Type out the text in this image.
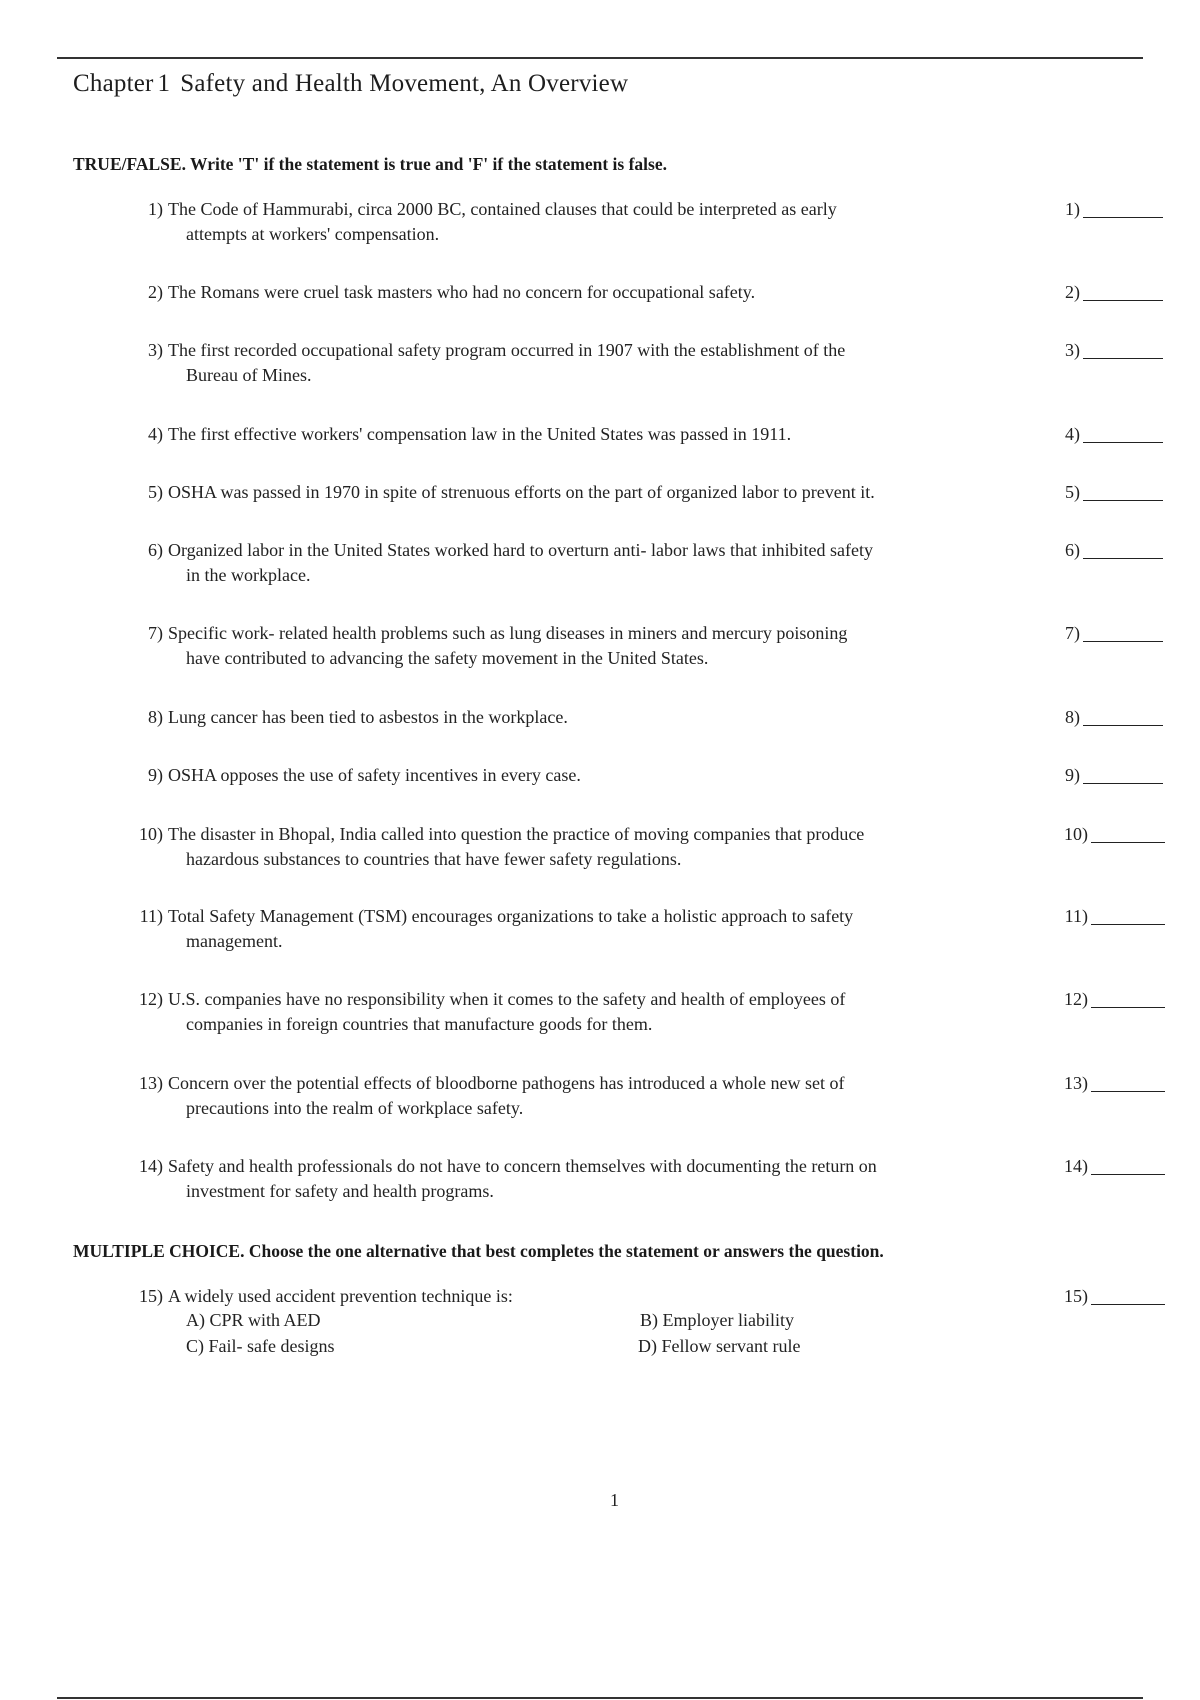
Chapter 1 Safety and Health Movement, An Overview
TRUE/FALSE. Write 'T' if the statement is true and 'F' if the statement is false.
1) The Code of Hammurabi, circa 2000 BC, contained clauses that could be interpreted as early
attempts at workers' compensation.
1)
2) The Romans were cruel task masters who had no concern for occupational safety.	2)
3) The first recorded occupational safety program occurred in 1907 with the establishment of the
Bureau of Mines.
3)
4) The first effective workers' compensation law in the United States was passed in 1911.	4)
5) OSHA was passed in 1970 in spite of strenuous efforts on the part of organized labor to prevent it.	5)
6) Organized labor in the United States worked hard to overturn anti- labor laws that inhibited safety
in the workplace.
6)
7) Specific work- related health problems such as lung diseases in miners and mercury poisoning
have contributed to advancing the safety movement in the United States.
7)
8) Lung cancer has been tied to asbestos in the workplace.	8)
9) OSHA opposes the use of safety incentives in every case.	9)
10) The disaster in Bhopal, India called into question the practice of moving companies that produce
hazardous substances to countries that have fewer safety regulations.
10)
11) Total Safety Management (TSM) encourages organizations to take a holistic approach to safety
management.
11)
12) U.S. companies have no responsibility when it comes to the safety and health of employees of
companies in foreign countries that manufacture goods for them.
12)
13) Concern over the potential effects of bloodborne pathogens has introduced a whole new set of
precautions into the realm of workplace safety.
13)
14) Safety and health professionals do not have to concern themselves with documenting the return on
investment for safety and health programs.
14)
MULTIPLE CHOICE. Choose the one alternative that best completes the statement or answers the question.
15) A widely used accident prevention technique is:	15)
A) CPR with AED	B) Employer liability
C) Fail- safe designs	D) Fellow servant rule
1
